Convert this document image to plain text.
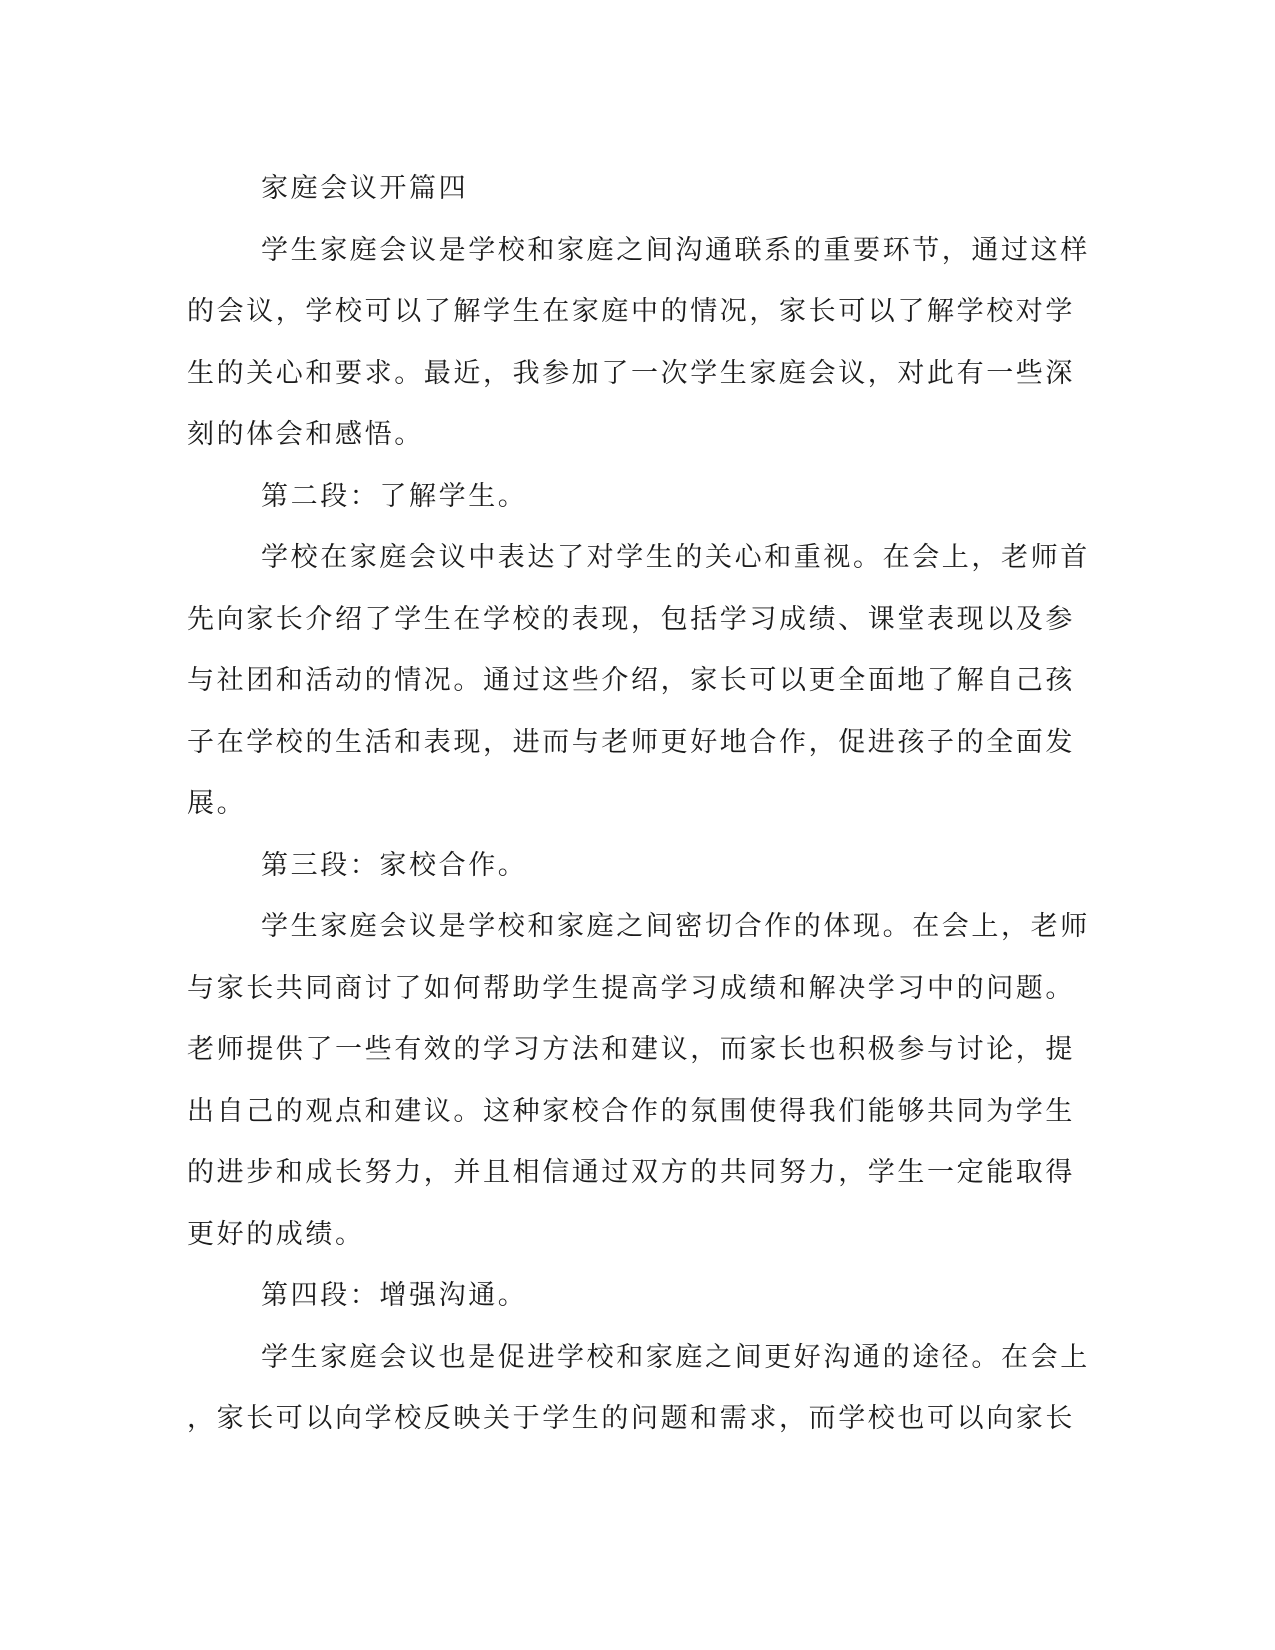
家庭会议开篇四

学生家庭会议是学校和家庭之间沟通联系的重要环节，通过这样
的会议，学校可以了解学生在家庭中的情况，家长可以了解学校对学
生的关心和要求。最近，我参加了一次学生家庭会议，对此有一些深
刻的体会和感悟。

第二段：了解学生。

学校在家庭会议中表达了对学生的关心和重视。在会上，老师首
先向家长介绍了学生在学校的表现，包括学习成绩、课堂表现以及参
与社团和活动的情况。通过这些介绍，家长可以更全面地了解自己孩
子在学校的生活和表现，进而与老师更好地合作，促进孩子的全面发
展。

第三段：家校合作。

学生家庭会议是学校和家庭之间密切合作的体现。在会上，老师
与家长共同商讨了如何帮助学生提高学习成绩和解决学习中的问题。
老师提供了一些有效的学习方法和建议，而家长也积极参与讨论，提
出自己的观点和建议。这种家校合作的氛围使得我们能够共同为学生
的进步和成长努力，并且相信通过双方的共同努力，学生一定能取得
更好的成绩。

第四段：增强沟通。

学生家庭会议也是促进学校和家庭之间更好沟通的途径。在会上
，家长可以向学校反映关于学生的问题和需求，而学校也可以向家长
